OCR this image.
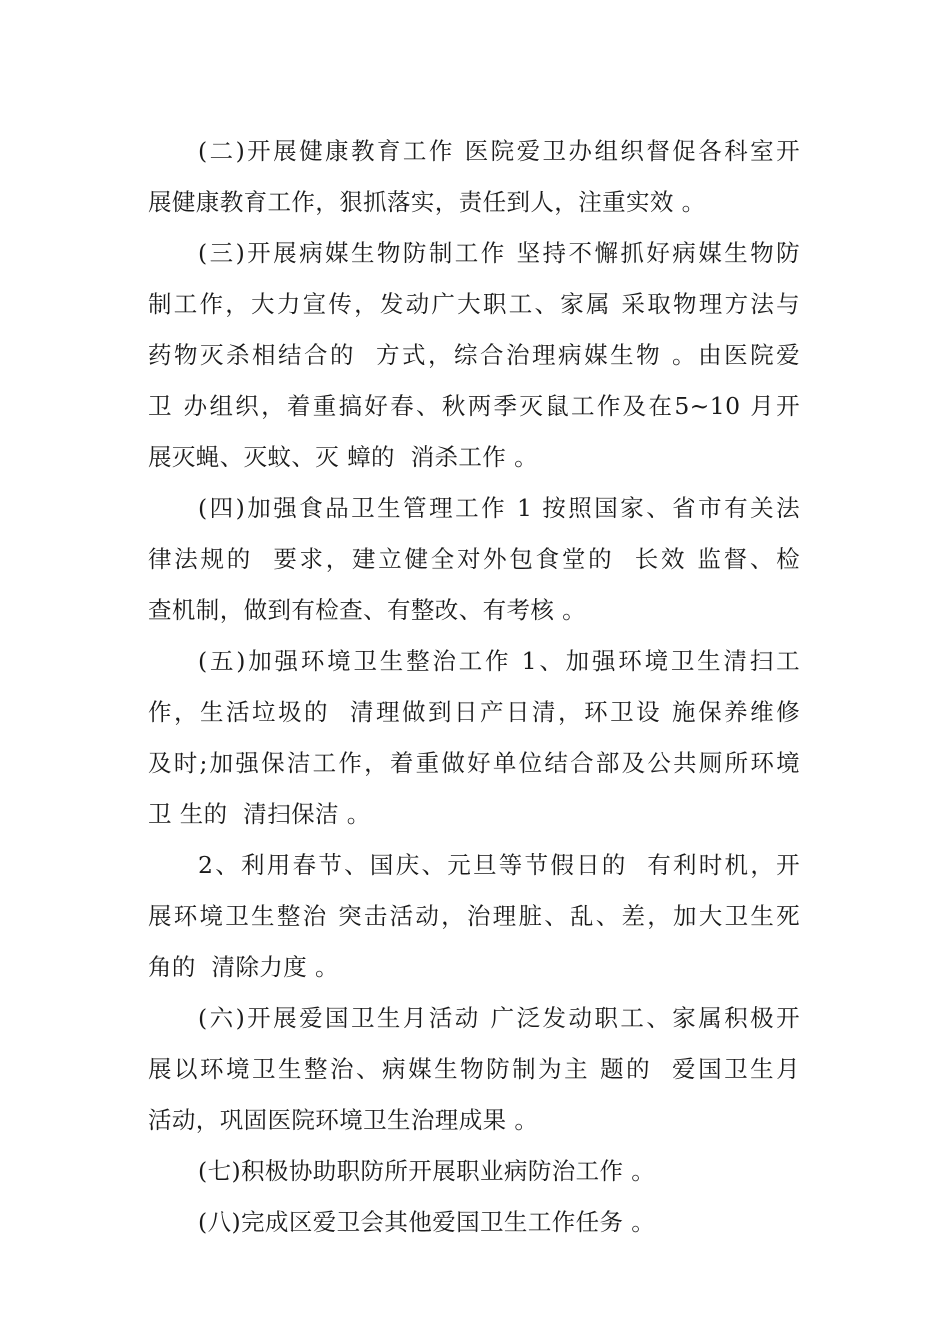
(二)开展健康教育工作 医院爱卫办组织督促各科室开
展健康教育工作，狠抓落实，责任到人，注重实效 。
(三)开展病媒生物防制工作 坚持不懈抓好病媒生物防
制工作，大力宣传，发动广大职工、家属 采取物理方法与
药物灭杀相结合的  方式，综合治理病媒生物 。由医院爱
卫 办组织，着重搞好春、秋两季灭鼠工作及在5~10 月开
展灭蝇、灭蚊、灭 蟑的  消杀工作 。
(四)加强食品卫生管理工作 1 按照国家、省市有关法
律法规的  要求，建立健全对外包食堂的  长效 监督、检
查机制，做到有检查、有整改、有考核 。
(五)加强环境卫生整治工作 1、加强环境卫生清扫工
作，生活垃圾的  清理做到日产日清，环卫设 施保养维修
及时;加强保洁工作，着重做好单位结合部及公共厕所环境
卫 生的  清扫保洁 。
2、利用春节、国庆、元旦等节假日的  有利时机，开
展环境卫生整治 突击活动，治理脏、乱、差，加大卫生死
角的  清除力度 。
(六)开展爱国卫生月活动 广泛发动职工、家属积极开
展以环境卫生整治、病媒生物防制为主 题的  爱国卫生月
活动，巩固医院环境卫生治理成果 。
(七)积极协助职防所开展职业病防治工作 。
(八)完成区爱卫会其他爱国卫生工作任务 。
